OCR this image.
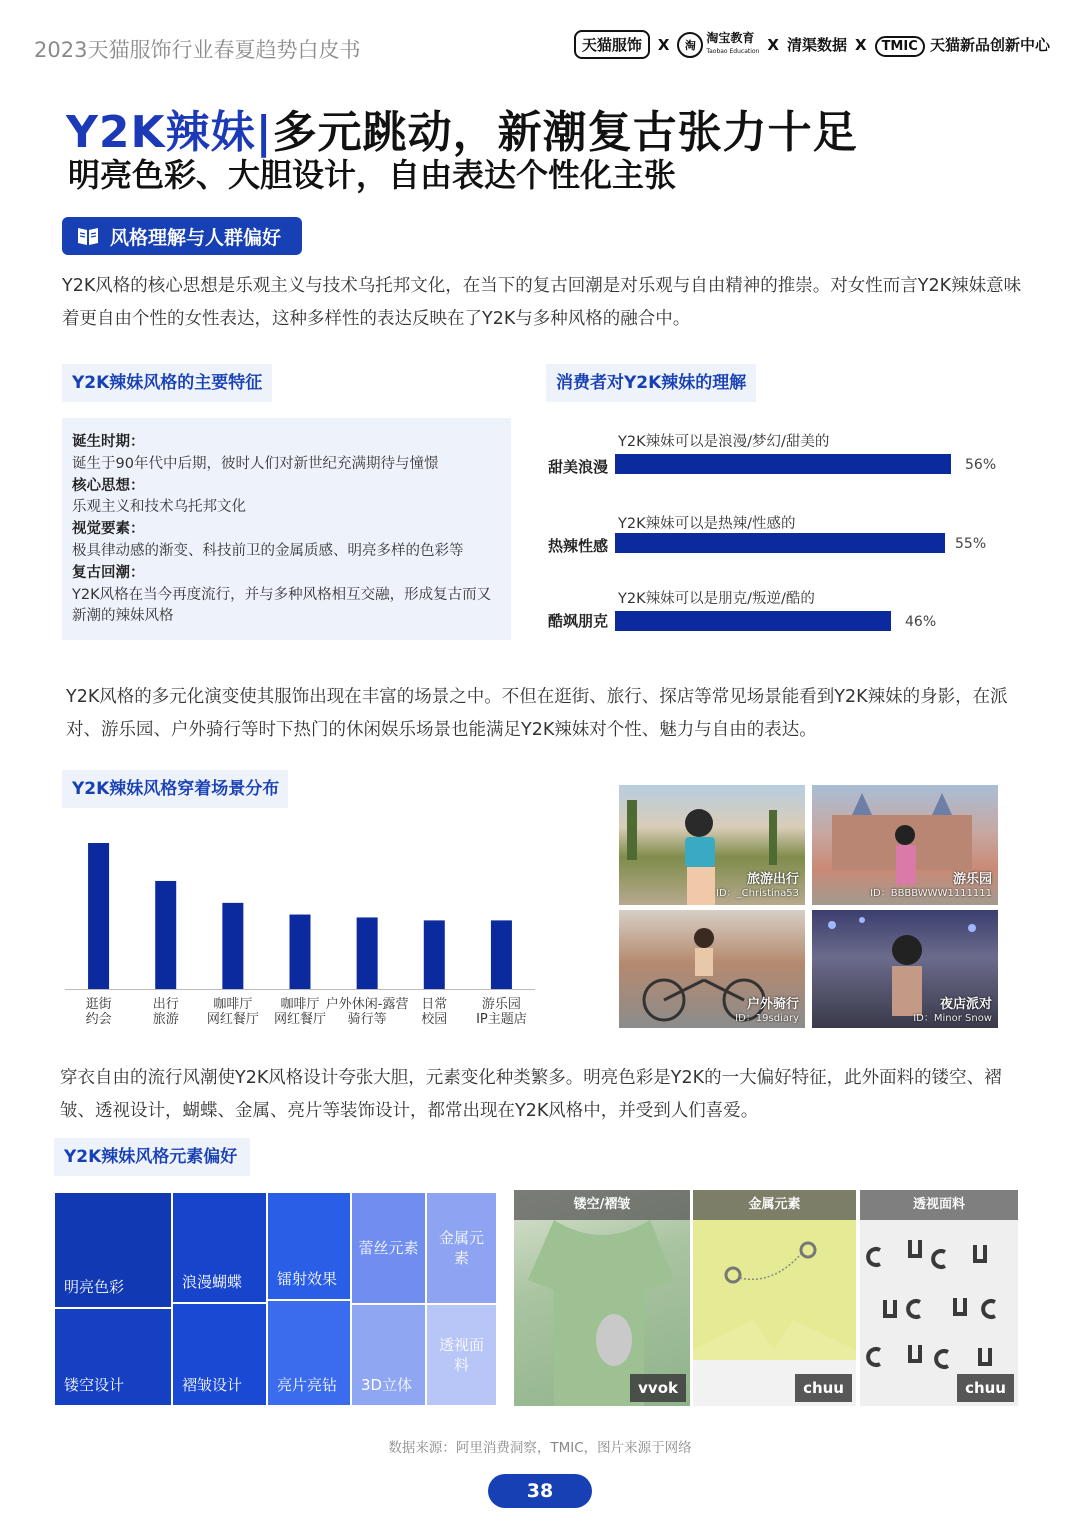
2023天猫服饰行业春夏趋势白皮书	天猫服饰	X	淘
淘宝教育
Taobao Education X 清渠数据 X	TMIC 天猫新品创新中心
Y2K辣妹|多元跳动，新潮复古张力十足
明亮色彩、大胆设计，自由表达个性化主张
风格理解与人群偏好
Y2K风格的核心思想是乐观主义与技术乌托邦文化，在当下的复古回潮是对乐观与自由精神的推崇。对女性而言Y2K辣妹意味着更自由个性的女性表达，这种多样性的表达反映在了Y2K与多种风格的融合中。
Y2K辣妹风格的主要特征
诞生时期：
诞生于90年代中后期，彼时人们对新世纪充满期待与憧憬
核心思想：
乐观主义和技术乌托邦文化
视觉要素：
极具律动感的渐变、科技前卫的金属质感、明亮多样的色彩等
复古回潮：
Y2K风格在当今再度流行，并与多种风格相互交融，形成复古而又新潮的辣妹风格
消费者对Y2K辣妹的理解
Y2K辣妹可以是浪漫/梦幻/甜美的
甜美浪漫	56%
Y2K辣妹可以是热辣/性感的
热辣性感	55%
Y2K辣妹可以是朋克/叛逆/酷的
酷飒朋克	46%
Y2K风格的多元化演变使其服饰出现在丰富的场景之中。不但在逛街、旅行、探店等常见场景能看到Y2K辣妹的身影，在派对、游乐园、户外骑行等时下热门的休闲娱乐场景也能满足Y2K辣妹对个性、魅力与自由的表达。
Y2K辣妹风格穿着场景分布
逛街
约会
出行
旅游
咖啡厅
网红餐厅
咖啡厅
网红餐厅
户外休闲-露营
骑行等
日常
校园
游乐园
IP主题店
旅游出行
ID：_Christina53
游乐园
ID：BBBBWWW1111111
户外骑行
ID：19sdiary
夜店派对
ID：Minor Snow
穿衣自由的流行风潮使Y2K风格设计夸张大胆，元素变化种类繁多。明亮色彩是Y2K的一大偏好特征，此外面料的镂空、褶皱、透视设计，蝴蝶、金属、亮片等装饰设计，都常出现在Y2K风格中，并受到人们喜爱。
Y2K辣妹风格元素偏好
明亮色彩
镂空设计
浪漫蝴蝶
褶皱设计
镭射效果
亮片亮钻
蕾丝元素
3D立体
金属元素
透视面料
镂空/褶皱
vvok
金属元素
chuu
透视面料
chuu
数据来源：阿里消费洞察，TMIC，图片来源于网络
38
